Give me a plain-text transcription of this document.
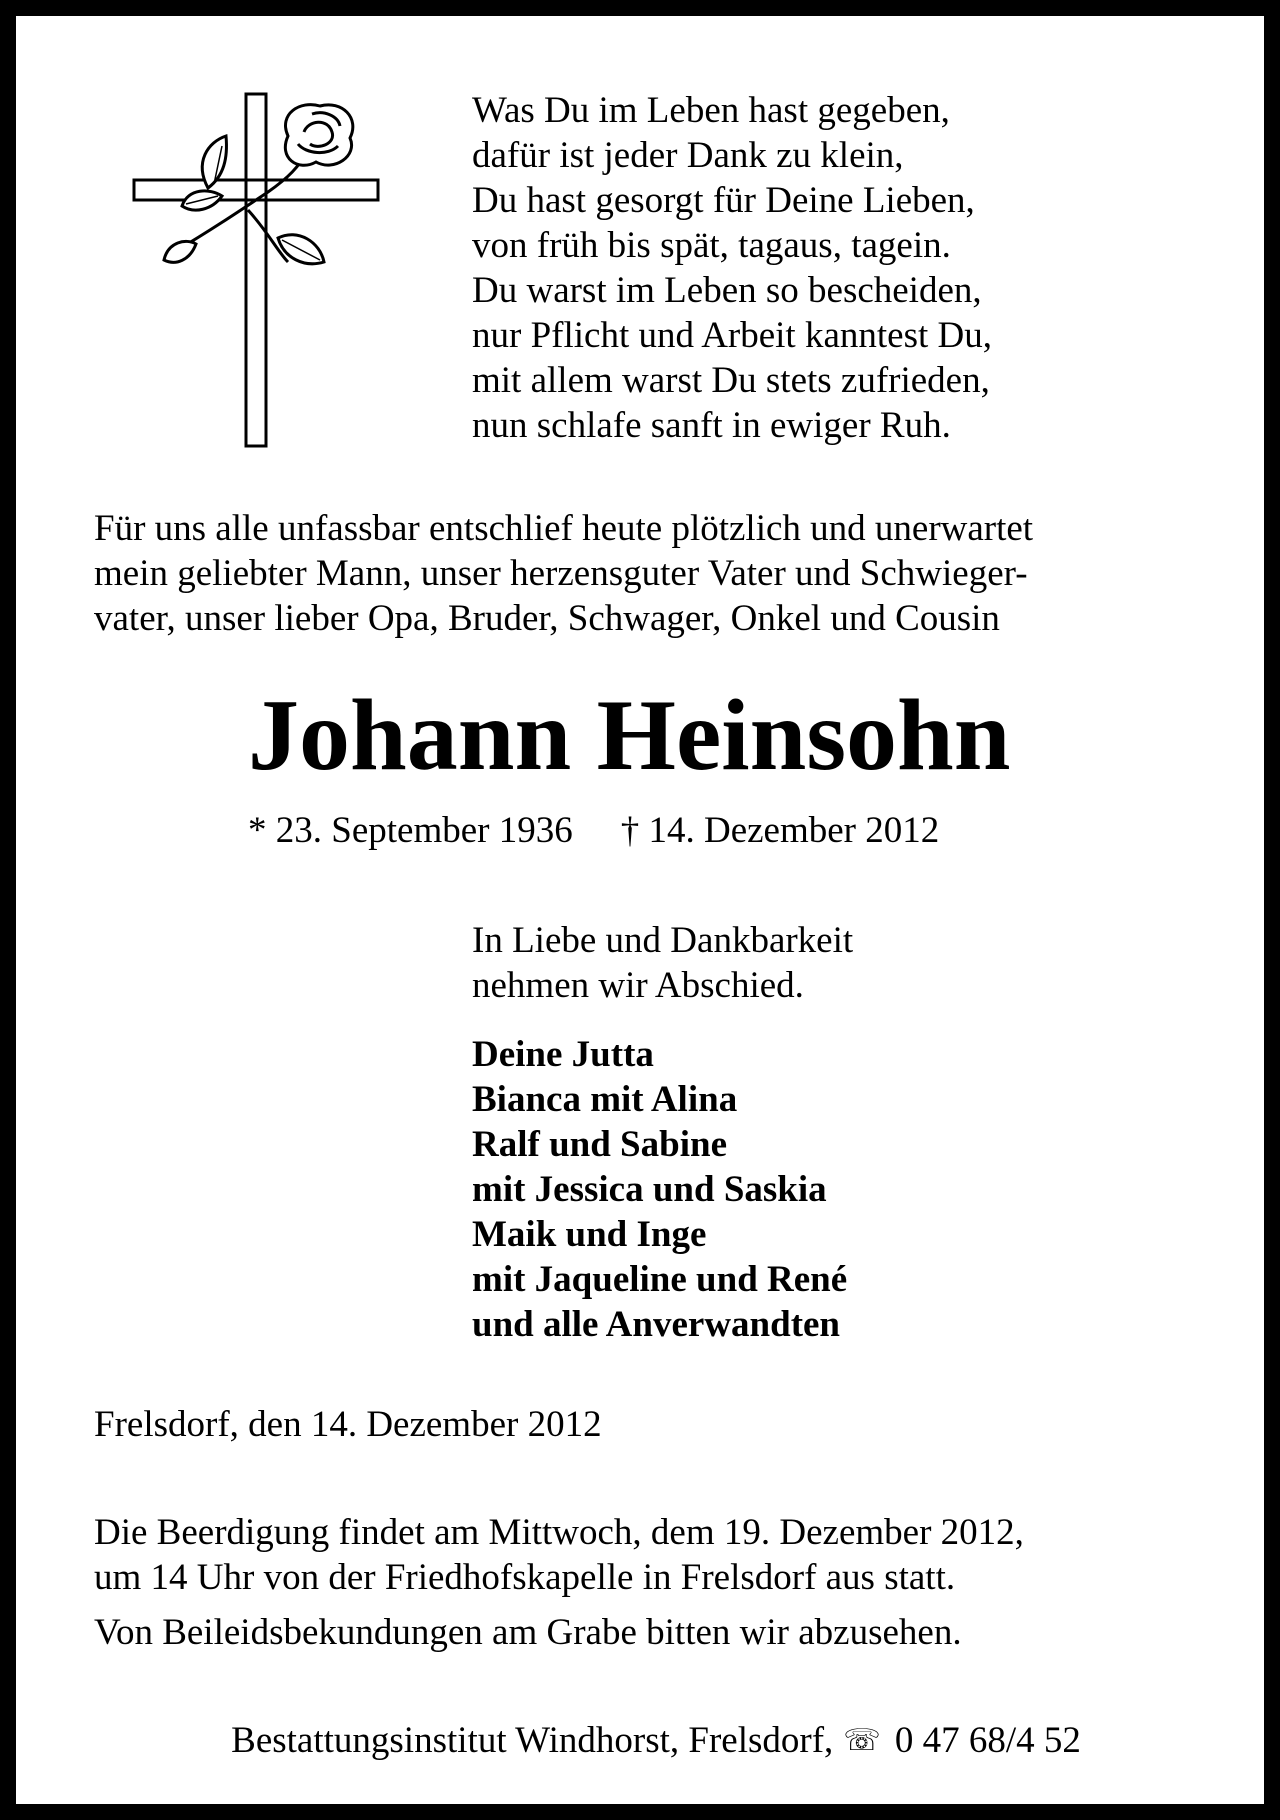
Was Du im Leben hast gegeben,
dafür ist jeder Dank zu klein,
Du hast gesorgt für Deine Lieben,
von früh bis spät, tagaus, tagein.
Du warst im Leben so bescheiden,
nur Pflicht und Arbeit kanntest Du,
mit allem warst Du stets zufrieden,
nun schlafe sanft in ewiger Ruh.
Für uns alle unfassbar entschlief heute plötzlich und unerwartet
mein geliebter Mann, unser herzensguter Vater und Schwieger-
vater, unser lieber Opa, Bruder, Schwager, Onkel und Cousin
Johann Heinsohn
* 23. September 1936 † 14. Dezember 2012
In Liebe und Dankbarkeit
nehmen wir Abschied.
Deine Jutta
Bianca mit Alina
Ralf und Sabine
mit Jessica und Saskia
Maik und Inge
mit Jaqueline und René
und alle Anverwandten
Frelsdorf, den 14. Dezember 2012
Die Beerdigung findet am Mittwoch, dem 19. Dezember 2012,
um 14 Uhr von der Friedhofskapelle in Frelsdorf aus statt.
Von Beileidsbekundungen am Grabe bitten wir abzusehen.
Bestattungsinstitut Windhorst, Frelsdorf, ☏ 0 47 68/4 52
